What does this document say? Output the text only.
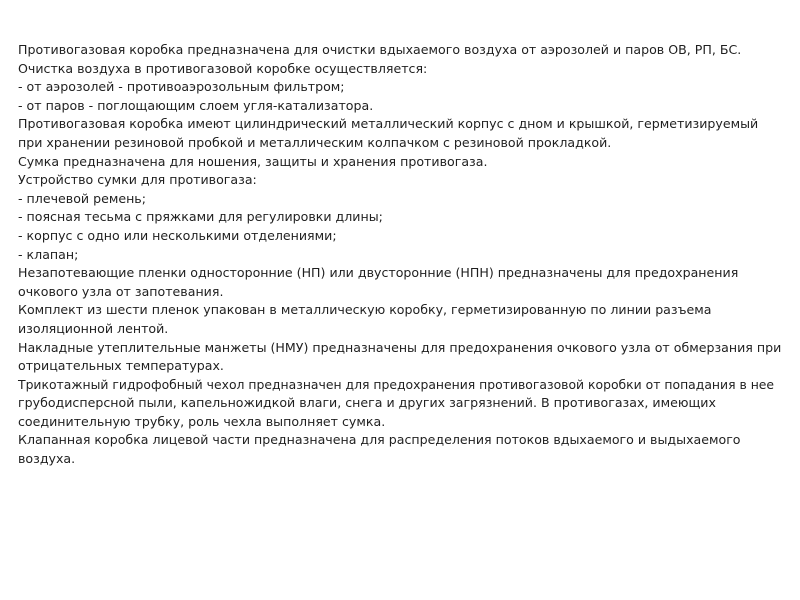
Противогазовая коробка предназначена для очистки вдыхаемого воздуха от аэрозолей и паров ОВ, РП, БС.
Очистка воздуха в противогазовой коробке осуществляется:
- от аэрозолей - противоаэрозольным фильтром;
- от паров - поглощающим слоем угля-катализатора.
Противогазовая коробка имеют цилиндрический металлический корпус с дном и крышкой, герметизируемый
при хранении резиновой пробкой и металлическим колпачком с резиновой прокладкой.
Сумка предназначена для ношения, защиты и хранения противогаза.
Устройство сумки для противогаза:
- плечевой ремень;
- поясная тесьма с пряжками для регулировки длины;
- корпус с одно или несколькими отделениями;
- клапан;
Незапотевающие пленки односторонние (НП) или двусторонние (НПН) предназначены для предохранения
очкового узла от запотевания.
Комплект из шести пленок упакован в металлическую коробку, герметизированную по линии разъема
изоляционной лентой.
Накладные утеплительные манжеты (НМУ) предназначены для предохранения очкового узла от обмерзания при
отрицательных температурах.
Трикотажный гидрофобный чехол предназначен для предохранения противогазовой коробки от попадания в нее
грубодисперсной пыли, капельножидкой влаги, снега и других загрязнений. В противогазах, имеющих
соединительную трубку, роль чехла выполняет сумка.
Клапанная коробка лицевой части предназначена для распределения потоков вдыхаемого и выдыхаемого
воздуха.
